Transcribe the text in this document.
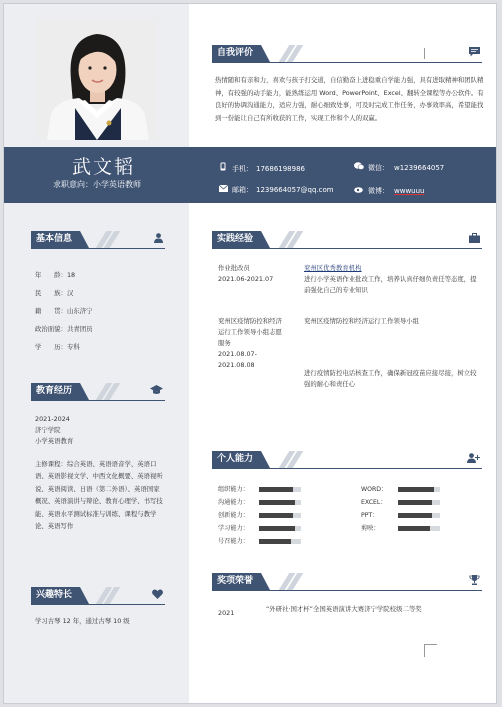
自我评价
热情随和有亲和力，喜欢与孩子打交道，自信勤奋上进稳重自学能力强，具有进取精神和团队精神，有较强的动手能力，能熟练运用 Word、PowerPoint、Excel、翻转全课程等办公软件。有良好的协调沟通能力，适应力强，耐心细致处事，可及时完成工作任务，办事效率高，希望能找到一份能让自己有所收获的工作，实现工作和个人的双赢。
武文韬
求职意向：小学英语教师
手机： 17686198986
邮箱： 1239664057@qq.com
微信： w1239664057
微博： wwwuuu
基本信息
年　　龄：18
民　　族：汉
籍　　贯：山东济宁
政治面貌：共青团员
学　　历：专科
教育经历
2021-2024
济宁学院
小学英语教育
主修课程：综合英语、英语语音学、英语口语、英语影视文学、中西文化概要、英语视听说、英语阅读、日语（第二外语）、英语国家概况、英语演讲与辩论、教育心理学、书写技能、英语水平测试标准与训练、课程与教学论、英语写作
兴趣特长
学习古琴 12 年，通过古琴 10 级
实践经验
作业批改员
2021.06-2021.07
兖州区优秀教育机构
进行小学英语作业批改工作，培养认真仔细负责任等态度，提前强化自己的专业知识
兖州区疫情防控和经济运行工作领导小组志愿服务
2021.08.07-2021.08.08
兖州区疫情防控和经济运行工作领导小组
进行疫情防控电话核查工作，确保新冠疫苗应接尽接，树立较强的耐心和责任心
个人能力
组织能力：
沟通能力：
创新能力：
学习能力：
号召能力：
WORD：
EXCEL：
PPT：
剪映：
奖项荣誉
2021	“外研社·国才杯”全国英语演讲大赛济宁学院校级二等奖
